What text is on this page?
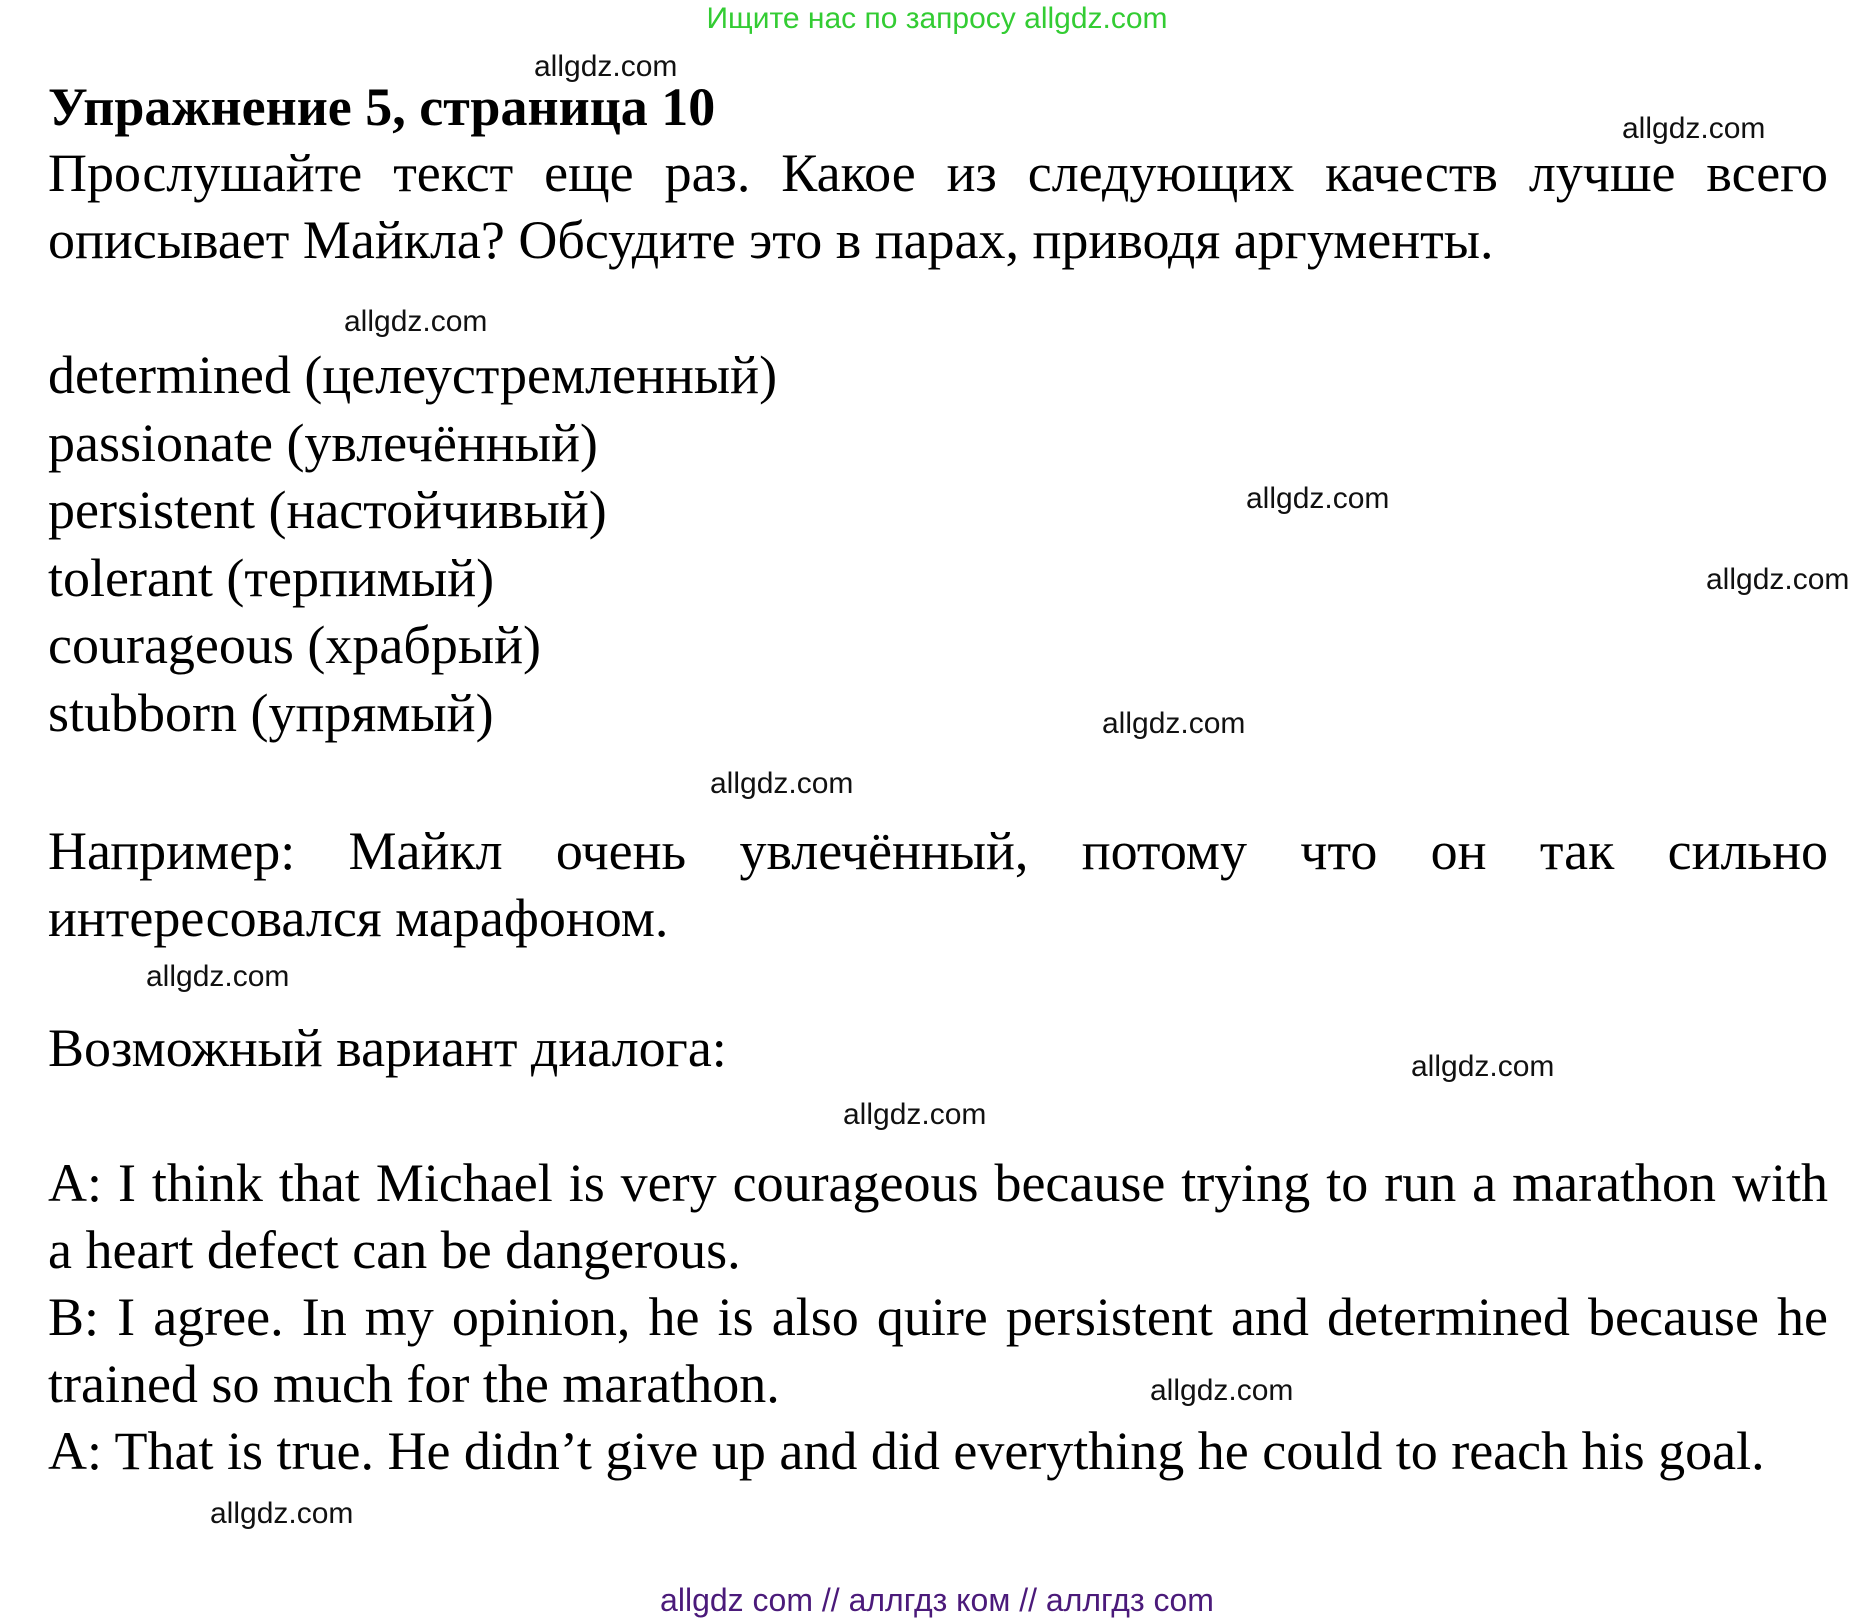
Ищите нас по запросу allgdz.com
Упражнение 5, страница 10

Прослушайте текст еще раз. Какое из следующих качеств лучше всего описывает Майкла? Обсудите это в парах, приводя аргументы.

determined (целеустремленный)
passionate (увлечённый)
persistent (настойчивый)
tolerant (терпимый)
courageous (храбрый)
stubborn (упрямый)

Например: Майкл очень увлечённый, потому что он так сильно интересовался марафоном.

Возможный вариант диалога:

A: I think that Michael is very courageous because trying to run a marathon with a heart defect can be dangerous.

B: I agree. In my opinion, he is also quire persistent and determined because he trained so much for the marathon.

A: That is true. He didn’t give up and did everything he could to reach his goal.

allgdz.com
allgdz.com
allgdz.com
allgdz.com
allgdz.com
allgdz.com
allgdz.com
allgdz.com
allgdz.com
allgdz.com
allgdz.com
allgdz.com
allgdz com // аллгдз ком // аллгдз com
